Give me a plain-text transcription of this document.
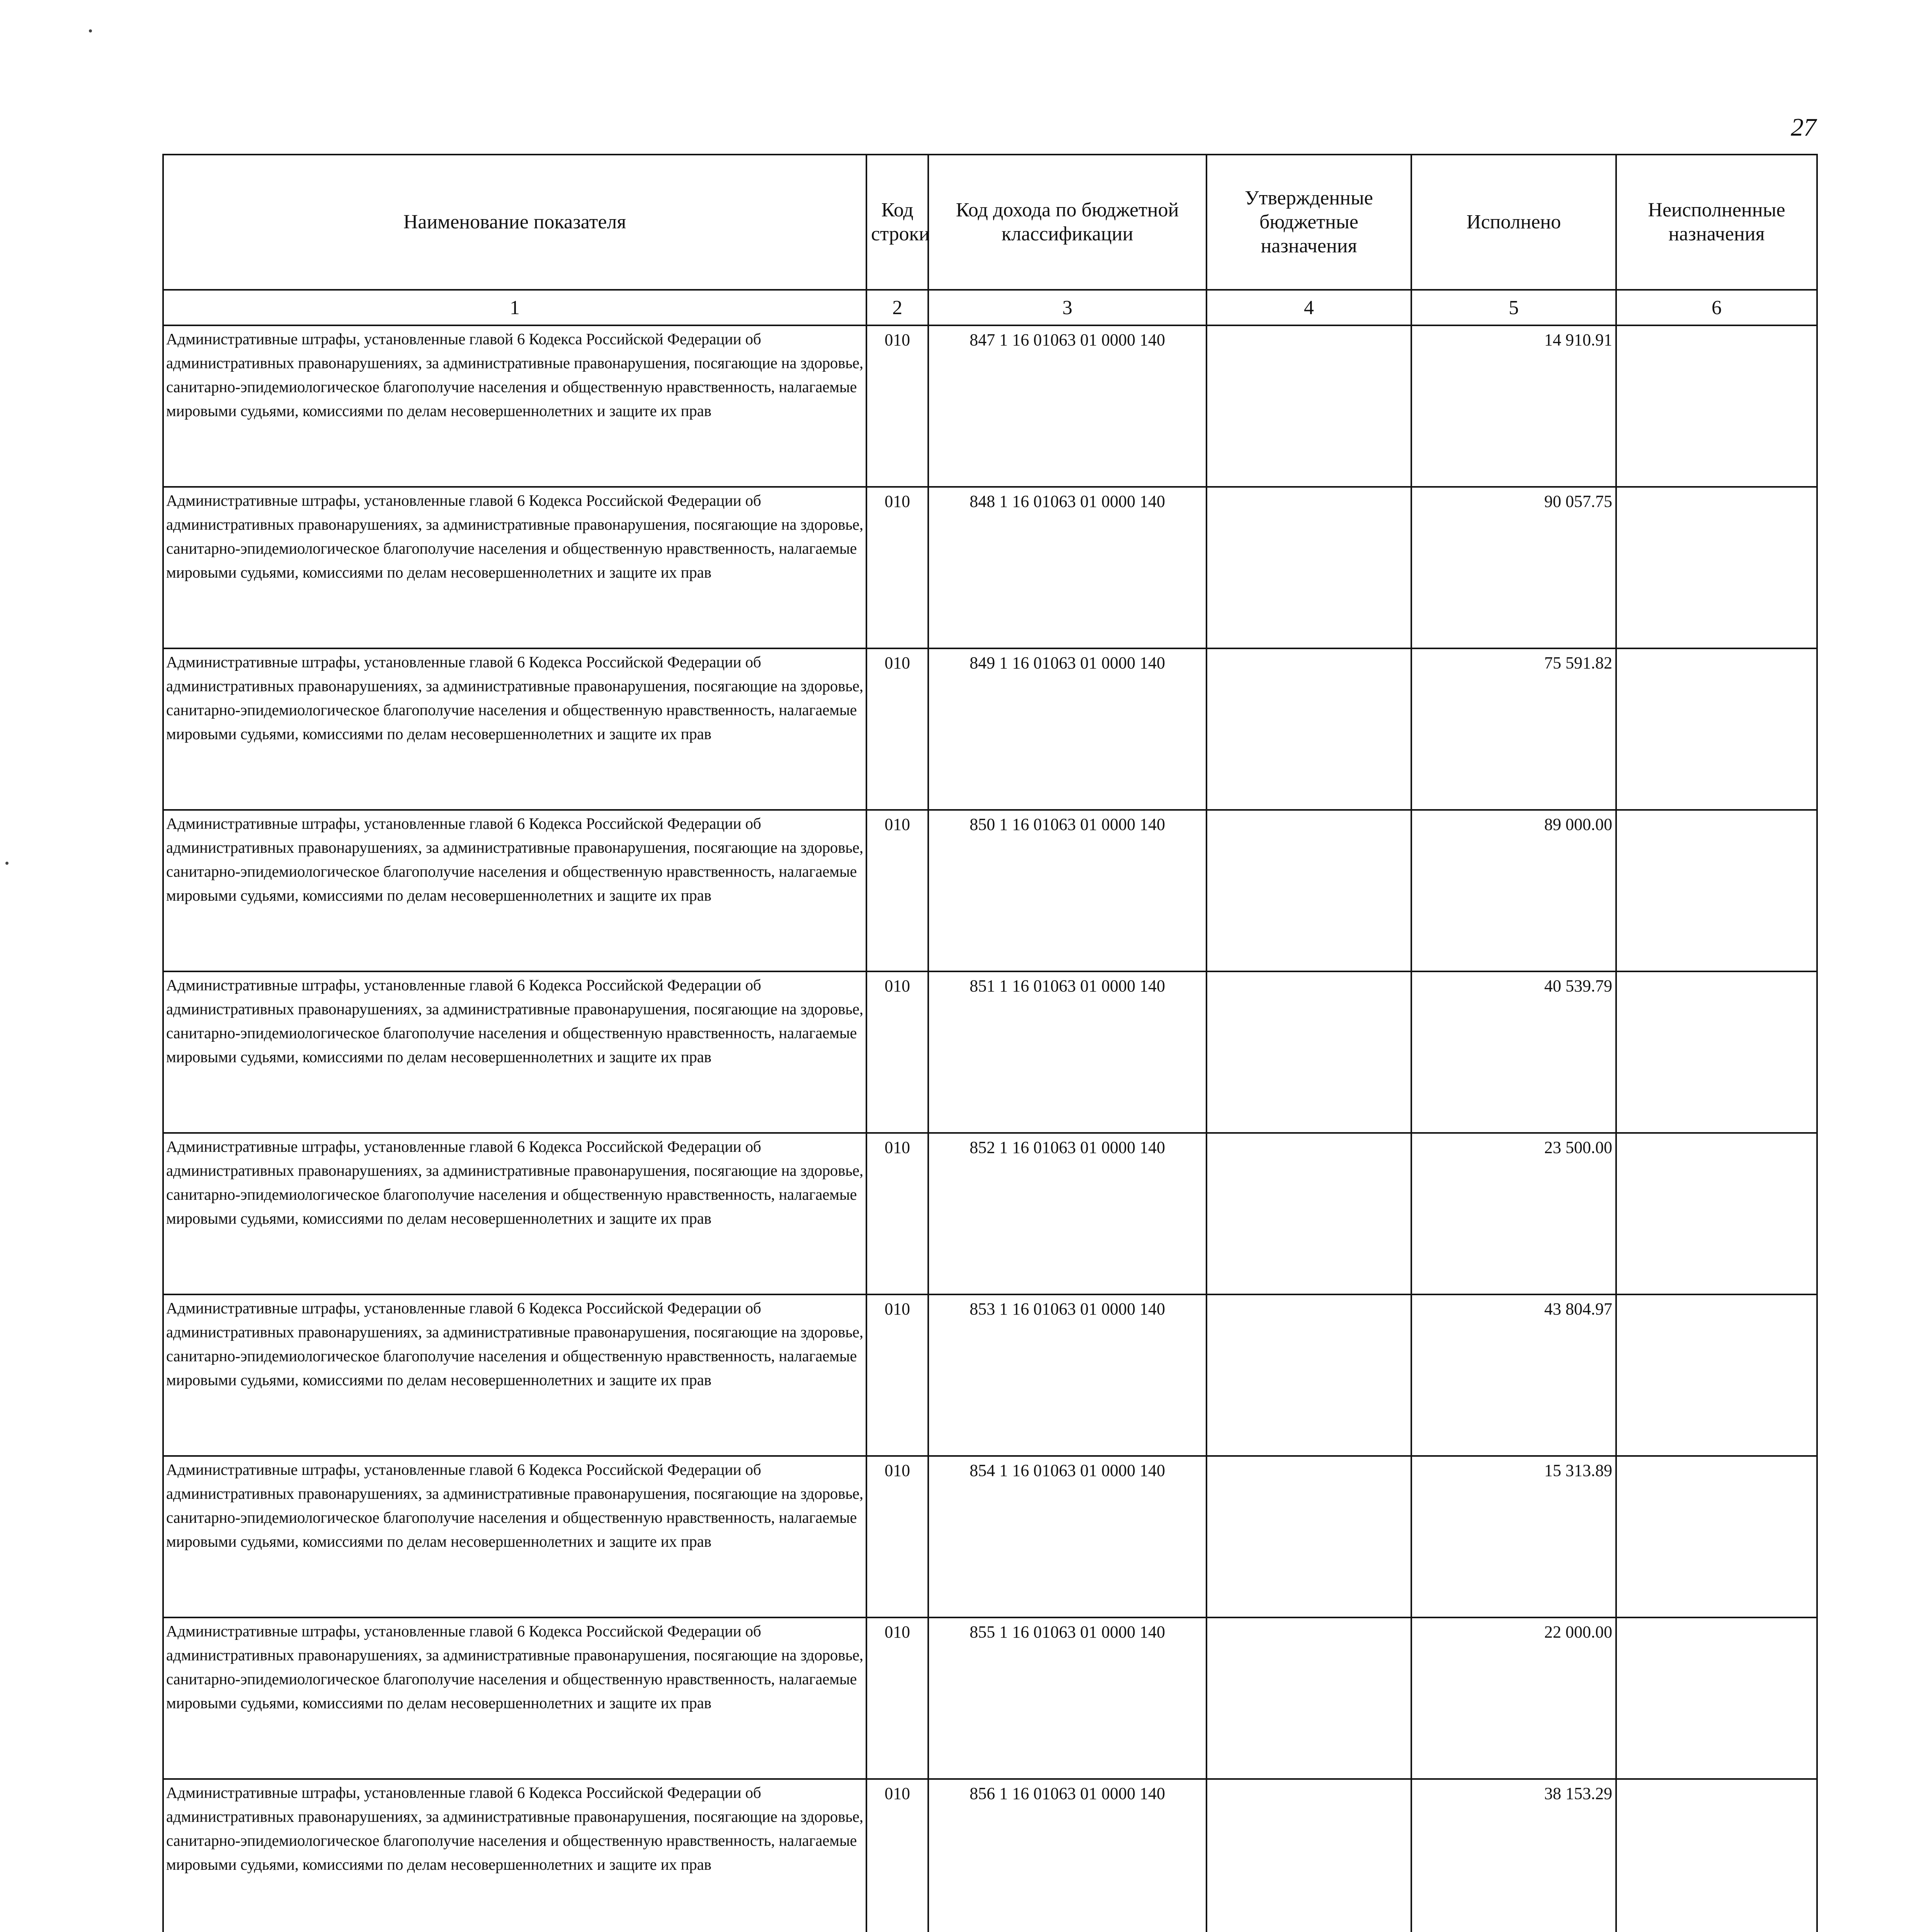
27
Наименование показателя	Код строки	Код дохода по бюджетной классификации	Утвержденные бюджетные назначения	Исполнено	Неисполненные назначения
1	2	3	4	5	6
Административные штрафы, установленные главой 6 Кодекса Российской Федерации об административных правонарушениях, за административные правонарушения, посягающие на здоровье, санитарно-эпидемиологическое благополучие населения и общественную нравственность, налагаемые мировыми судьями, комиссиями по делам несовершеннолетних и защите их прав	010	847 1 16 01063 01 0000 140		14 910.91	
Административные штрафы, установленные главой 6 Кодекса Российской Федерации об административных правонарушениях, за административные правонарушения, посягающие на здоровье, санитарно-эпидемиологическое благополучие населения и общественную нравственность, налагаемые мировыми судьями, комиссиями по делам несовершеннолетних и защите их прав	010	848 1 16 01063 01 0000 140		90 057.75	
Административные штрафы, установленные главой 6 Кодекса Российской Федерации об административных правонарушениях, за административные правонарушения, посягающие на здоровье, санитарно-эпидемиологическое благополучие населения и общественную нравственность, налагаемые мировыми судьями, комиссиями по делам несовершеннолетних и защите их прав	010	849 1 16 01063 01 0000 140		75 591.82	
Административные штрафы, установленные главой 6 Кодекса Российской Федерации об административных правонарушениях, за административные правонарушения, посягающие на здоровье, санитарно-эпидемиологическое благополучие населения и общественную нравственность, налагаемые мировыми судьями, комиссиями по делам несовершеннолетних и защите их прав	010	850 1 16 01063 01 0000 140		89 000.00	
Административные штрафы, установленные главой 6 Кодекса Российской Федерации об административных правонарушениях, за административные правонарушения, посягающие на здоровье, санитарно-эпидемиологическое благополучие населения и общественную нравственность, налагаемые мировыми судьями, комиссиями по делам несовершеннолетних и защите их прав	010	851 1 16 01063 01 0000 140		40 539.79	
Административные штрафы, установленные главой 6 Кодекса Российской Федерации об административных правонарушениях, за административные правонарушения, посягающие на здоровье, санитарно-эпидемиологическое благополучие населения и общественную нравственность, налагаемые мировыми судьями, комиссиями по делам несовершеннолетних и защите их прав	010	852 1 16 01063 01 0000 140		23 500.00	
Административные штрафы, установленные главой 6 Кодекса Российской Федерации об административных правонарушениях, за административные правонарушения, посягающие на здоровье, санитарно-эпидемиологическое благополучие населения и общественную нравственность, налагаемые мировыми судьями, комиссиями по делам несовершеннолетних и защите их прав	010	853 1 16 01063 01 0000 140		43 804.97	
Административные штрафы, установленные главой 6 Кодекса Российской Федерации об административных правонарушениях, за административные правонарушения, посягающие на здоровье, санитарно-эпидемиологическое благополучие населения и общественную нравственность, налагаемые мировыми судьями, комиссиями по делам несовершеннолетних и защите их прав	010	854 1 16 01063 01 0000 140		15 313.89	
Административные штрафы, установленные главой 6 Кодекса Российской Федерации об административных правонарушениях, за административные правонарушения, посягающие на здоровье, санитарно-эпидемиологическое благополучие населения и общественную нравственность, налагаемые мировыми судьями, комиссиями по делам несовершеннолетних и защите их прав	010	855 1 16 01063 01 0000 140		22 000.00	
Административные штрафы, установленные главой 6 Кодекса Российской Федерации об административных правонарушениях, за административные правонарушения, посягающие на здоровье, санитарно-эпидемиологическое благополучие населения и общественную нравственность, налагаемые мировыми судьями, комиссиями по делам несовершеннолетних и защите их прав	010	856 1 16 01063 01 0000 140		38 153.29	
